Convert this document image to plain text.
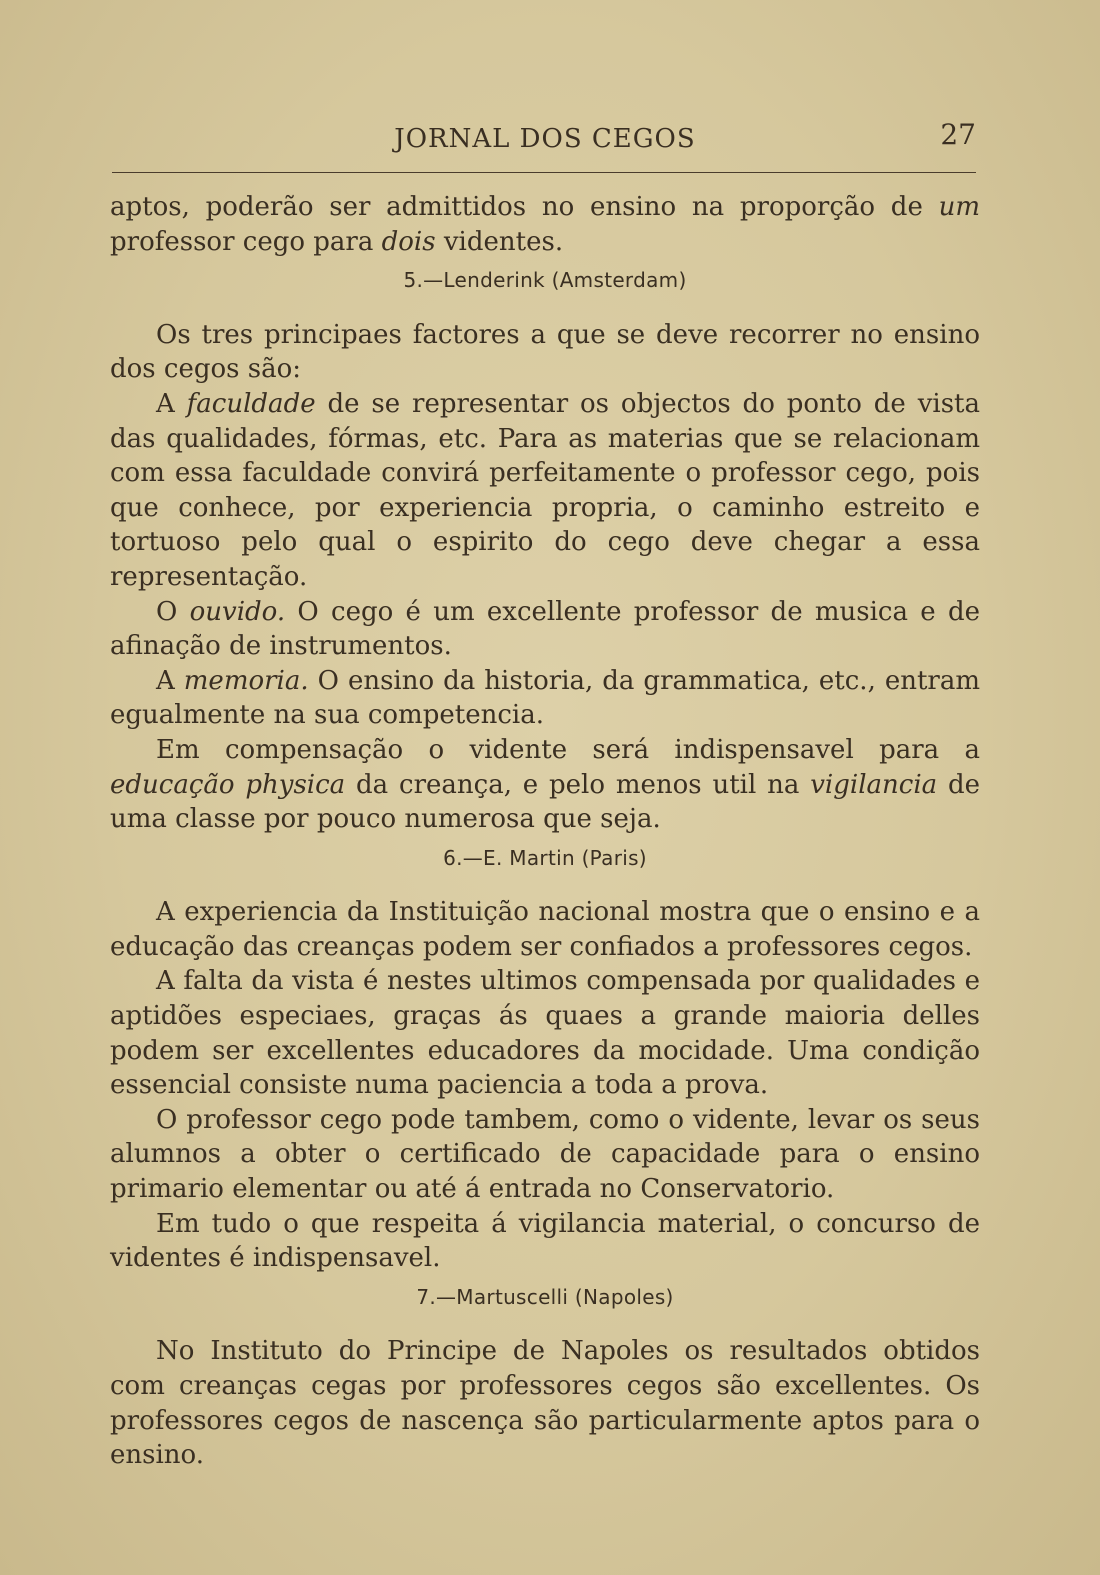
JORNAL DOS CEGOS	27

aptos, poderão ser admittidos no ensino na proporção de um professor cego para dois videntes.

5.—Lenderink (Amsterdam)

Os tres principaes factores a que se deve recorrer no ensino dos cegos são:

A faculdade de se representar os objectos do ponto de vista das qualidades, fórmas, etc. Para as materias que se relacionam com essa faculdade convirá perfeitamente o professor cego, pois que conhece, por experiencia propria, o caminho estreito e tortuoso pelo qual o espirito do cego deve chegar a essa representação.

O ouvido. O cego é um excellente professor de musica e de afinação de instrumentos.

A memoria. O ensino da historia, da grammatica, etc., entram egualmente na sua competencia.

Em compensação o vidente será indispensavel para a educação physica da creança, e pelo menos util na vigilancia de uma classe por pouco numerosa que seja.

6.—E. Martin (Paris)

A experiencia da Instituição nacional mostra que o ensino e a educação das creanças podem ser confiados a professores cegos.

A falta da vista é nestes ultimos compensada por qualidades e aptidões especiaes, graças ás quaes a grande maioria delles podem ser excellentes educadores da mocidade. Uma condição essencial consiste numa paciencia a toda a prova.

O professor cego pode tambem, como o vidente, levar os seus alumnos a obter o certificado de capacidade para o ensino primario elementar ou até á entrada no Conservatorio.

Em tudo o que respeita á vigilancia material, o concurso de videntes é indispensavel.

7.—Martuscelli (Napoles)

No Instituto do Principe de Napoles os resultados obtidos com creanças cegas por professores cegos são excellentes. Os professores cegos de nascença são particularmente aptos para o ensino.
